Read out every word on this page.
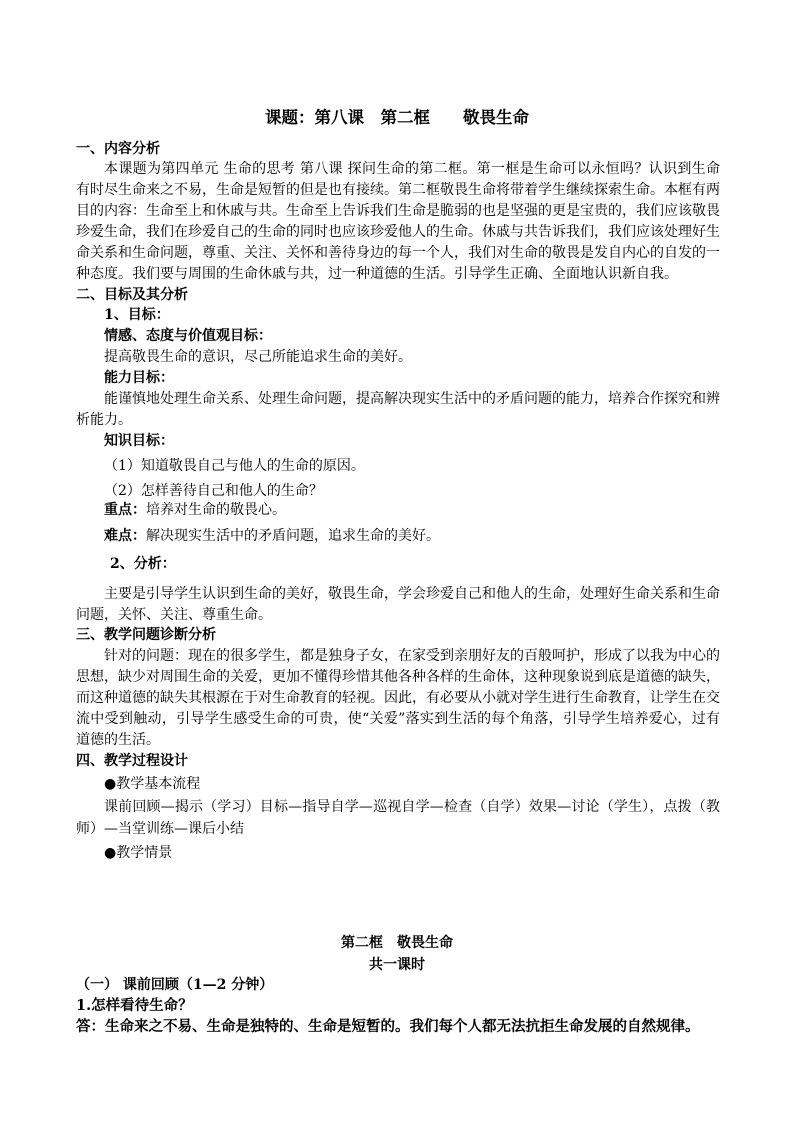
课题：第八课　第二框　　敬畏生命
一、内容分析
本课题为第四单元 生命的思考 第八课 探问生命的第二框。第一框是生命可以永恒吗？认识到生命
有时尽生命来之不易，生命是短暂的但是也有接续。第二框敬畏生命将带着学生继续探索生命。本框有两
目的内容：生命至上和休戚与共。生命至上告诉我们生命是脆弱的也是坚强的更是宝贵的，我们应该敬畏
珍爱生命，我们在珍爱自己的生命的同时也应该珍爱他人的生命。休戚与共告诉我们，我们应该处理好生
命关系和生命问题，尊重、关注、关怀和善待身边的每一个人，我们对生命的敬畏是发自内心的自发的一
种态度。我们要与周围的生命休戚与共，过一种道德的生活。引导学生正确、全面地认识新自我。
二、目标及其分析
1、目标：
情感、态度与价值观目标：
提高敬畏生命的意识，尽己所能追求生命的美好。
能力目标：
能谨慎地处理生命关系、处理生命问题，提高解决现实生活中的矛盾问题的能力，培养合作探究和辨
析能力。
知识目标：
（1）知道敬畏自己与他人的生命的原因。
（2）怎样善待自己和他人的生命？
重点：培养对生命的敬畏心。
难点：解决现实生活中的矛盾问题，追求生命的美好。
2、分析：
主要是引导学生认识到生命的美好，敬畏生命，学会珍爱自己和他人的生命，处理好生命关系和生命
问题，关怀、关注、尊重生命。
三、教学问题诊断分析
针对的问题：现在的很多学生，都是独身子女，在家受到亲朋好友的百般呵护，形成了以我为中心的
思想，缺少对周围生命的关爱，更加不懂得珍惜其他各种各样的生命体，这种现象说到底是道德的缺失，
而这种道德的缺失其根源在于对生命教育的轻视。因此，有必要从小就对学生进行生命教育，让学生在交
流中受到触动，引导学生感受生命的可贵，使“关爱”落实到生活的每个角落，引导学生培养爱心，过有
道德的生活。
四、教学过程设计
●教学基本流程
课前回顾—揭示（学习）目标—指导自学—巡视自学—检查（自学）效果—讨论（学生），点拨（教
师）—当堂训练—课后小结
●教学情景
第二框　敬畏生命
共一课时
（一） 课前回顾（1—2 分钟）
1.怎样看待生命？
答：生命来之不易、生命是独特的、生命是短暂的。我们每个人都无法抗拒生命发展的自然规律。
